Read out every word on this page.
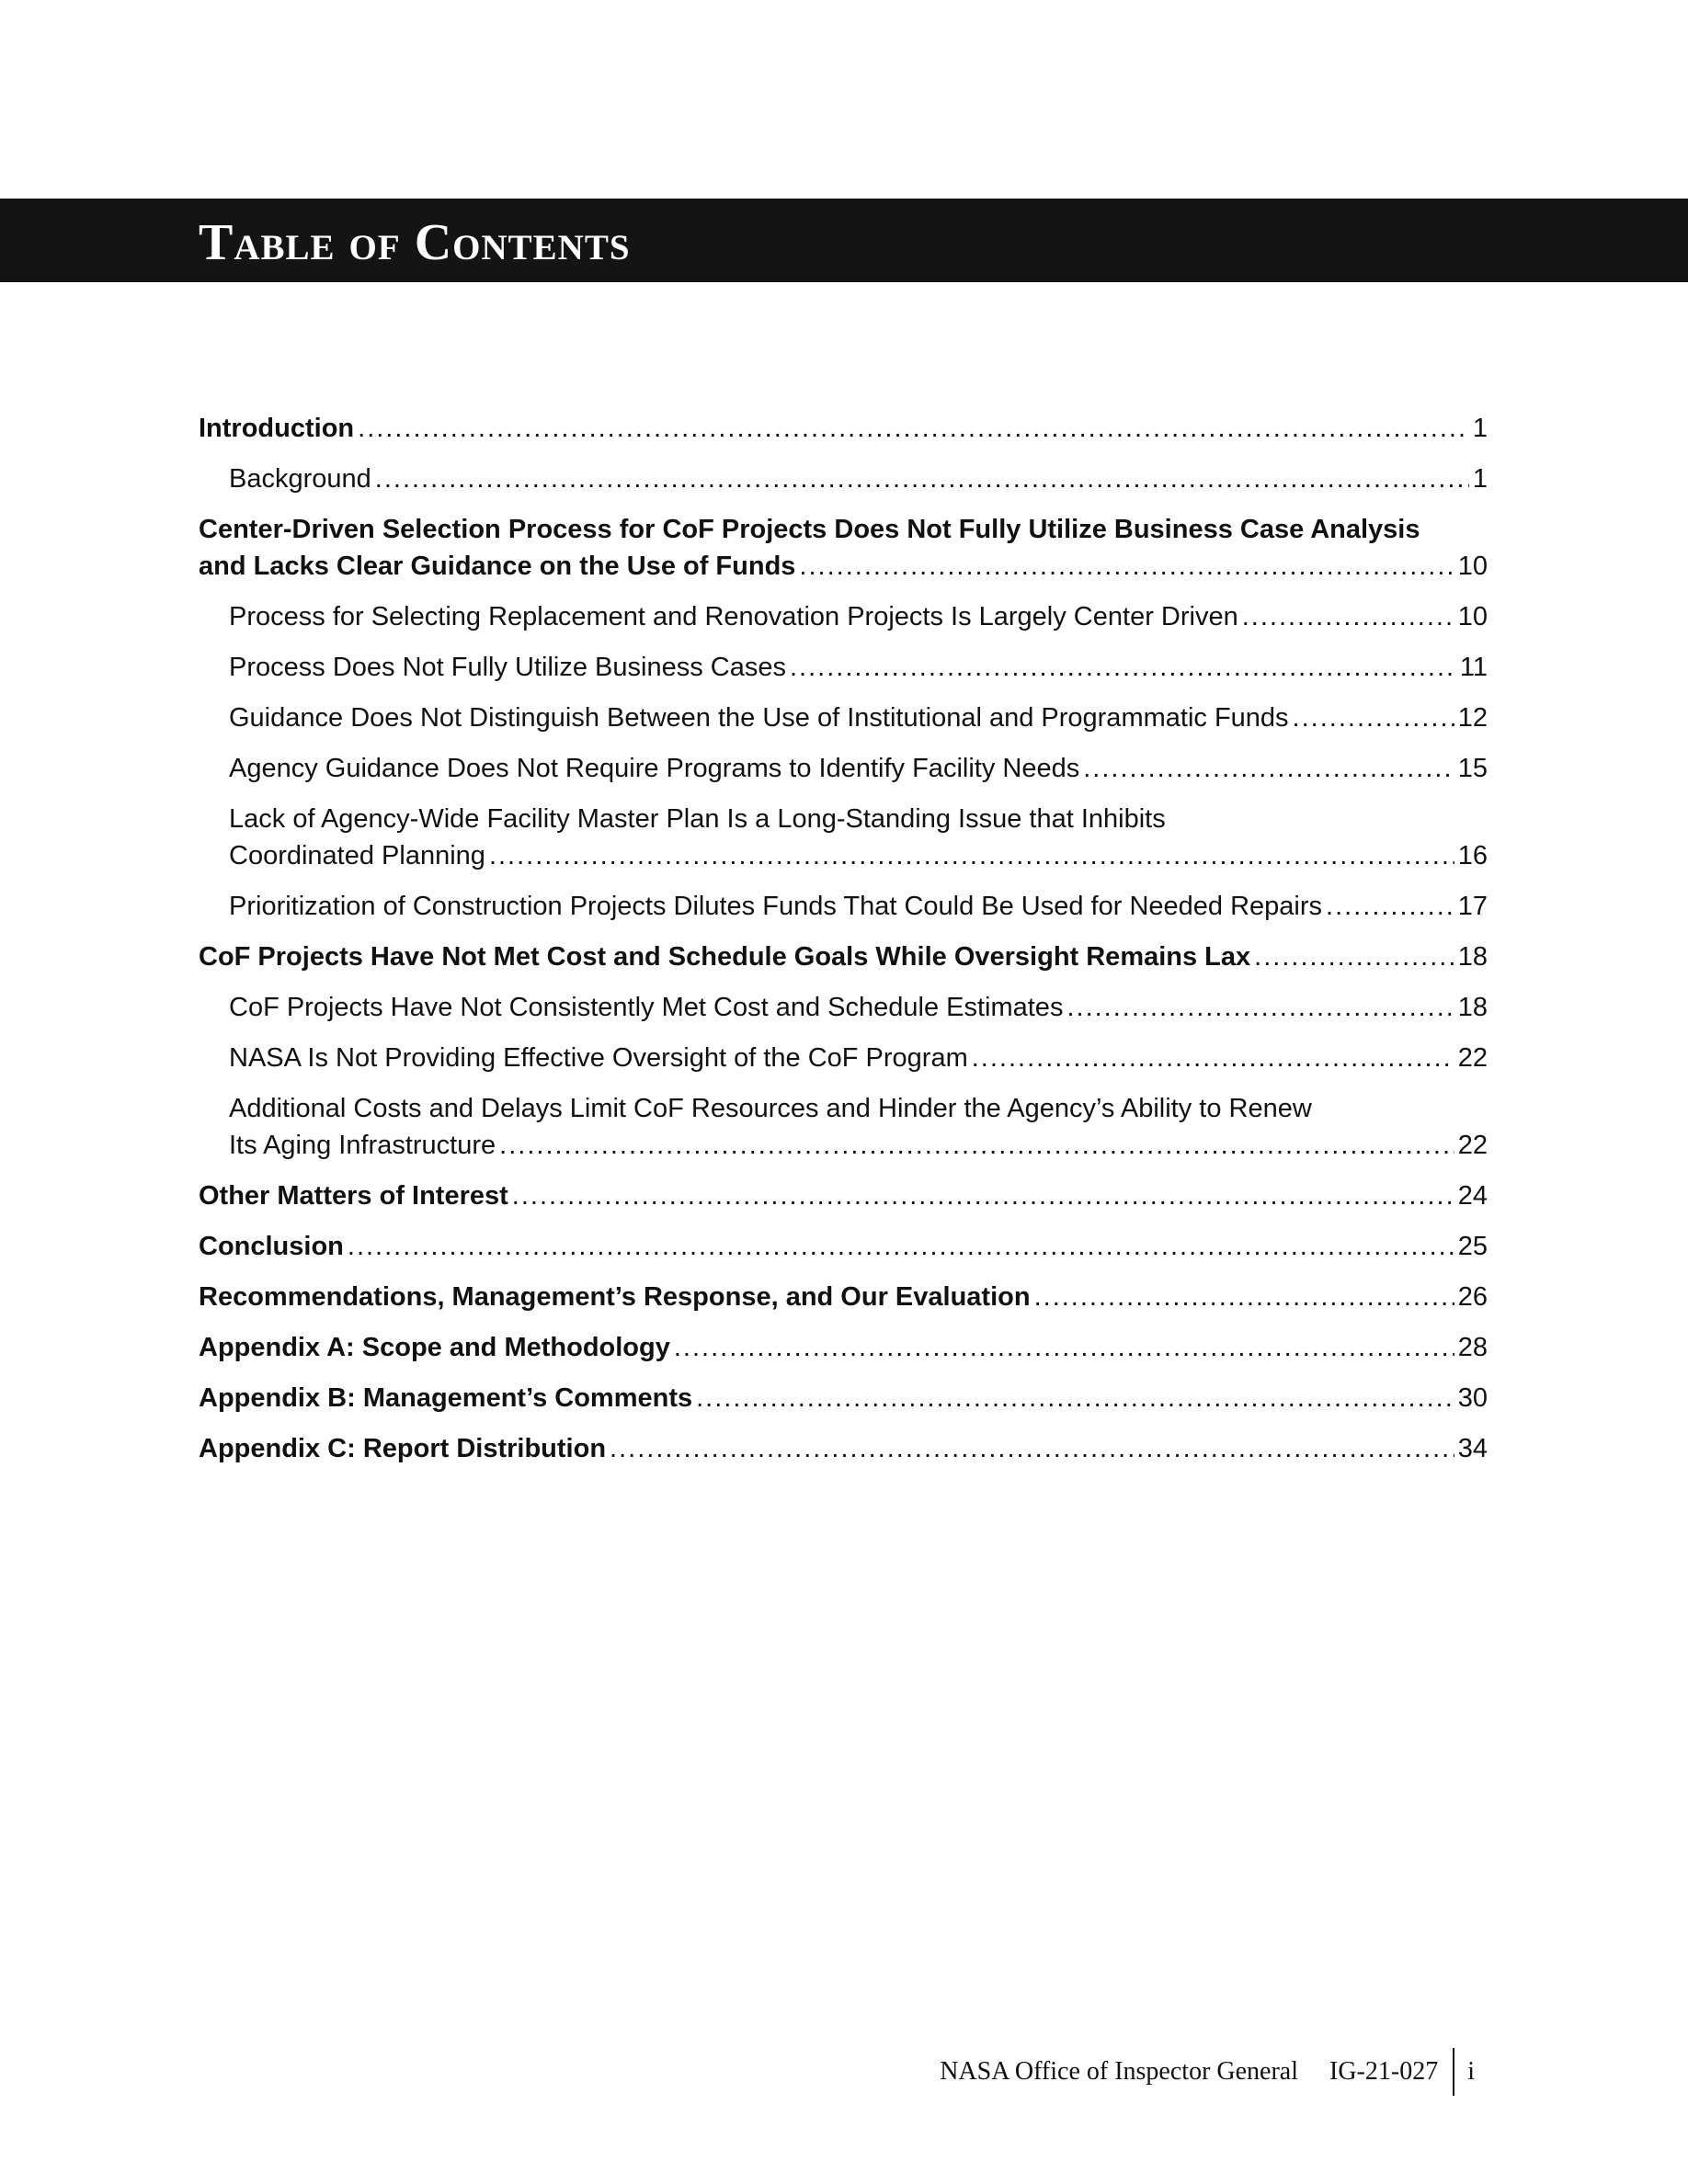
Table of Contents
Introduction .....	1
Background .....	1
Center-Driven Selection Process for CoF Projects Does Not Fully Utilize Business Case Analysis
and Lacks Clear Guidance on the Use of Funds .....	10
Process for Selecting Replacement and Renovation Projects Is Largely Center Driven .....	10
Process Does Not Fully Utilize Business Cases .....	11
Guidance Does Not Distinguish Between the Use of Institutional and Programmatic Funds .....	12
Agency Guidance Does Not Require Programs to Identify Facility Needs .....	15
Lack of Agency-Wide Facility Master Plan Is a Long-Standing Issue that Inhibits
Coordinated Planning .....	16
Prioritization of Construction Projects Dilutes Funds That Could Be Used for Needed Repairs .....	17
CoF Projects Have Not Met Cost and Schedule Goals While Oversight Remains Lax .....	18
CoF Projects Have Not Consistently Met Cost and Schedule Estimates .....	18
NASA Is Not Providing Effective Oversight of the CoF Program .....	22
Additional Costs and Delays Limit CoF Resources and Hinder the Agency’s Ability to Renew
Its Aging Infrastructure .....	22
Other Matters of Interest .....	24
Conclusion .....	25
Recommendations, Management’s Response, and Our Evaluation .....	26
Appendix A: Scope and Methodology .....	28
Appendix B: Management’s Comments .....	30
Appendix C: Report Distribution .....	34
NASA Office of Inspector General IG-21-027 i
